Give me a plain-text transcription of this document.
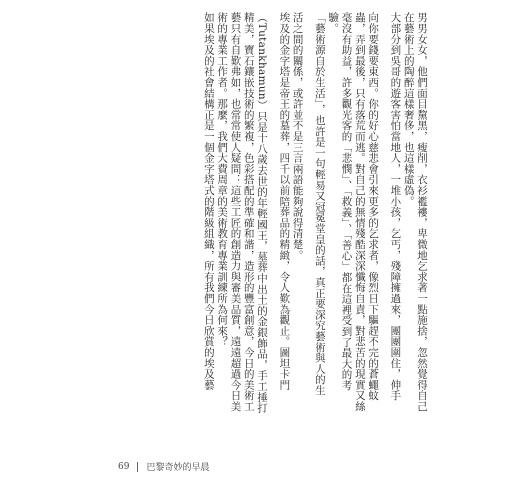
男男女女，他們面目黧黑，瘦削，衣衫襤褸，卑微地乞求著一點施捨，忽然覺得自己

在藝術上的陶醉這樣奢侈，也這樣虛偽。

大部分到吳哥的遊客害怕當地人，一堆小孩，乞丐，殘障擁過來，團團圍住，伸手

向你要錢要東西。你的好心慈悲會引來更多的乞求者，像烈日下驅趕不完的蒼蠅蚊

蟲，弄到最後，只有落荒而逃。對自己的無情殘酷深深懺悔自責，對悲苦的現實又絲

毫沒有助益，許多觀光客的「悲憫」、「救義」、「善心」都在這裡受到了最大的考

驗。

「藝術源自於生活」，也許是一句輕易又冠冕堂皇的話，真正要深究藝術與人的生

活之間的關係，或許並不是三言兩語能夠說得清楚。

埃及的金字塔是帝王的墓葬，四千以前陪葬品的精緻，令人歎為觀止。圖坦卡門

（Tutankhamun）只是十八歲去世的年輕國王，墓葬中出土的金銀飾品，手工捶打

精美，寶石鑲嵌技術的繁複，色彩搭配的準確和諧，造形的豐富創意，今日的美術工

藝只有自歎弗如，也常常使人疑問：這些工匠的創造力與審美品質，遠遠超過今日美

術的專業工作者。那麼，我們大費周章的美術教育專業訓練所為何來？

如果埃及的社會結構正是一個金字塔式的階級組織，所有我們今日欣賞的埃及藝

69 巴黎奇妙的早晨
